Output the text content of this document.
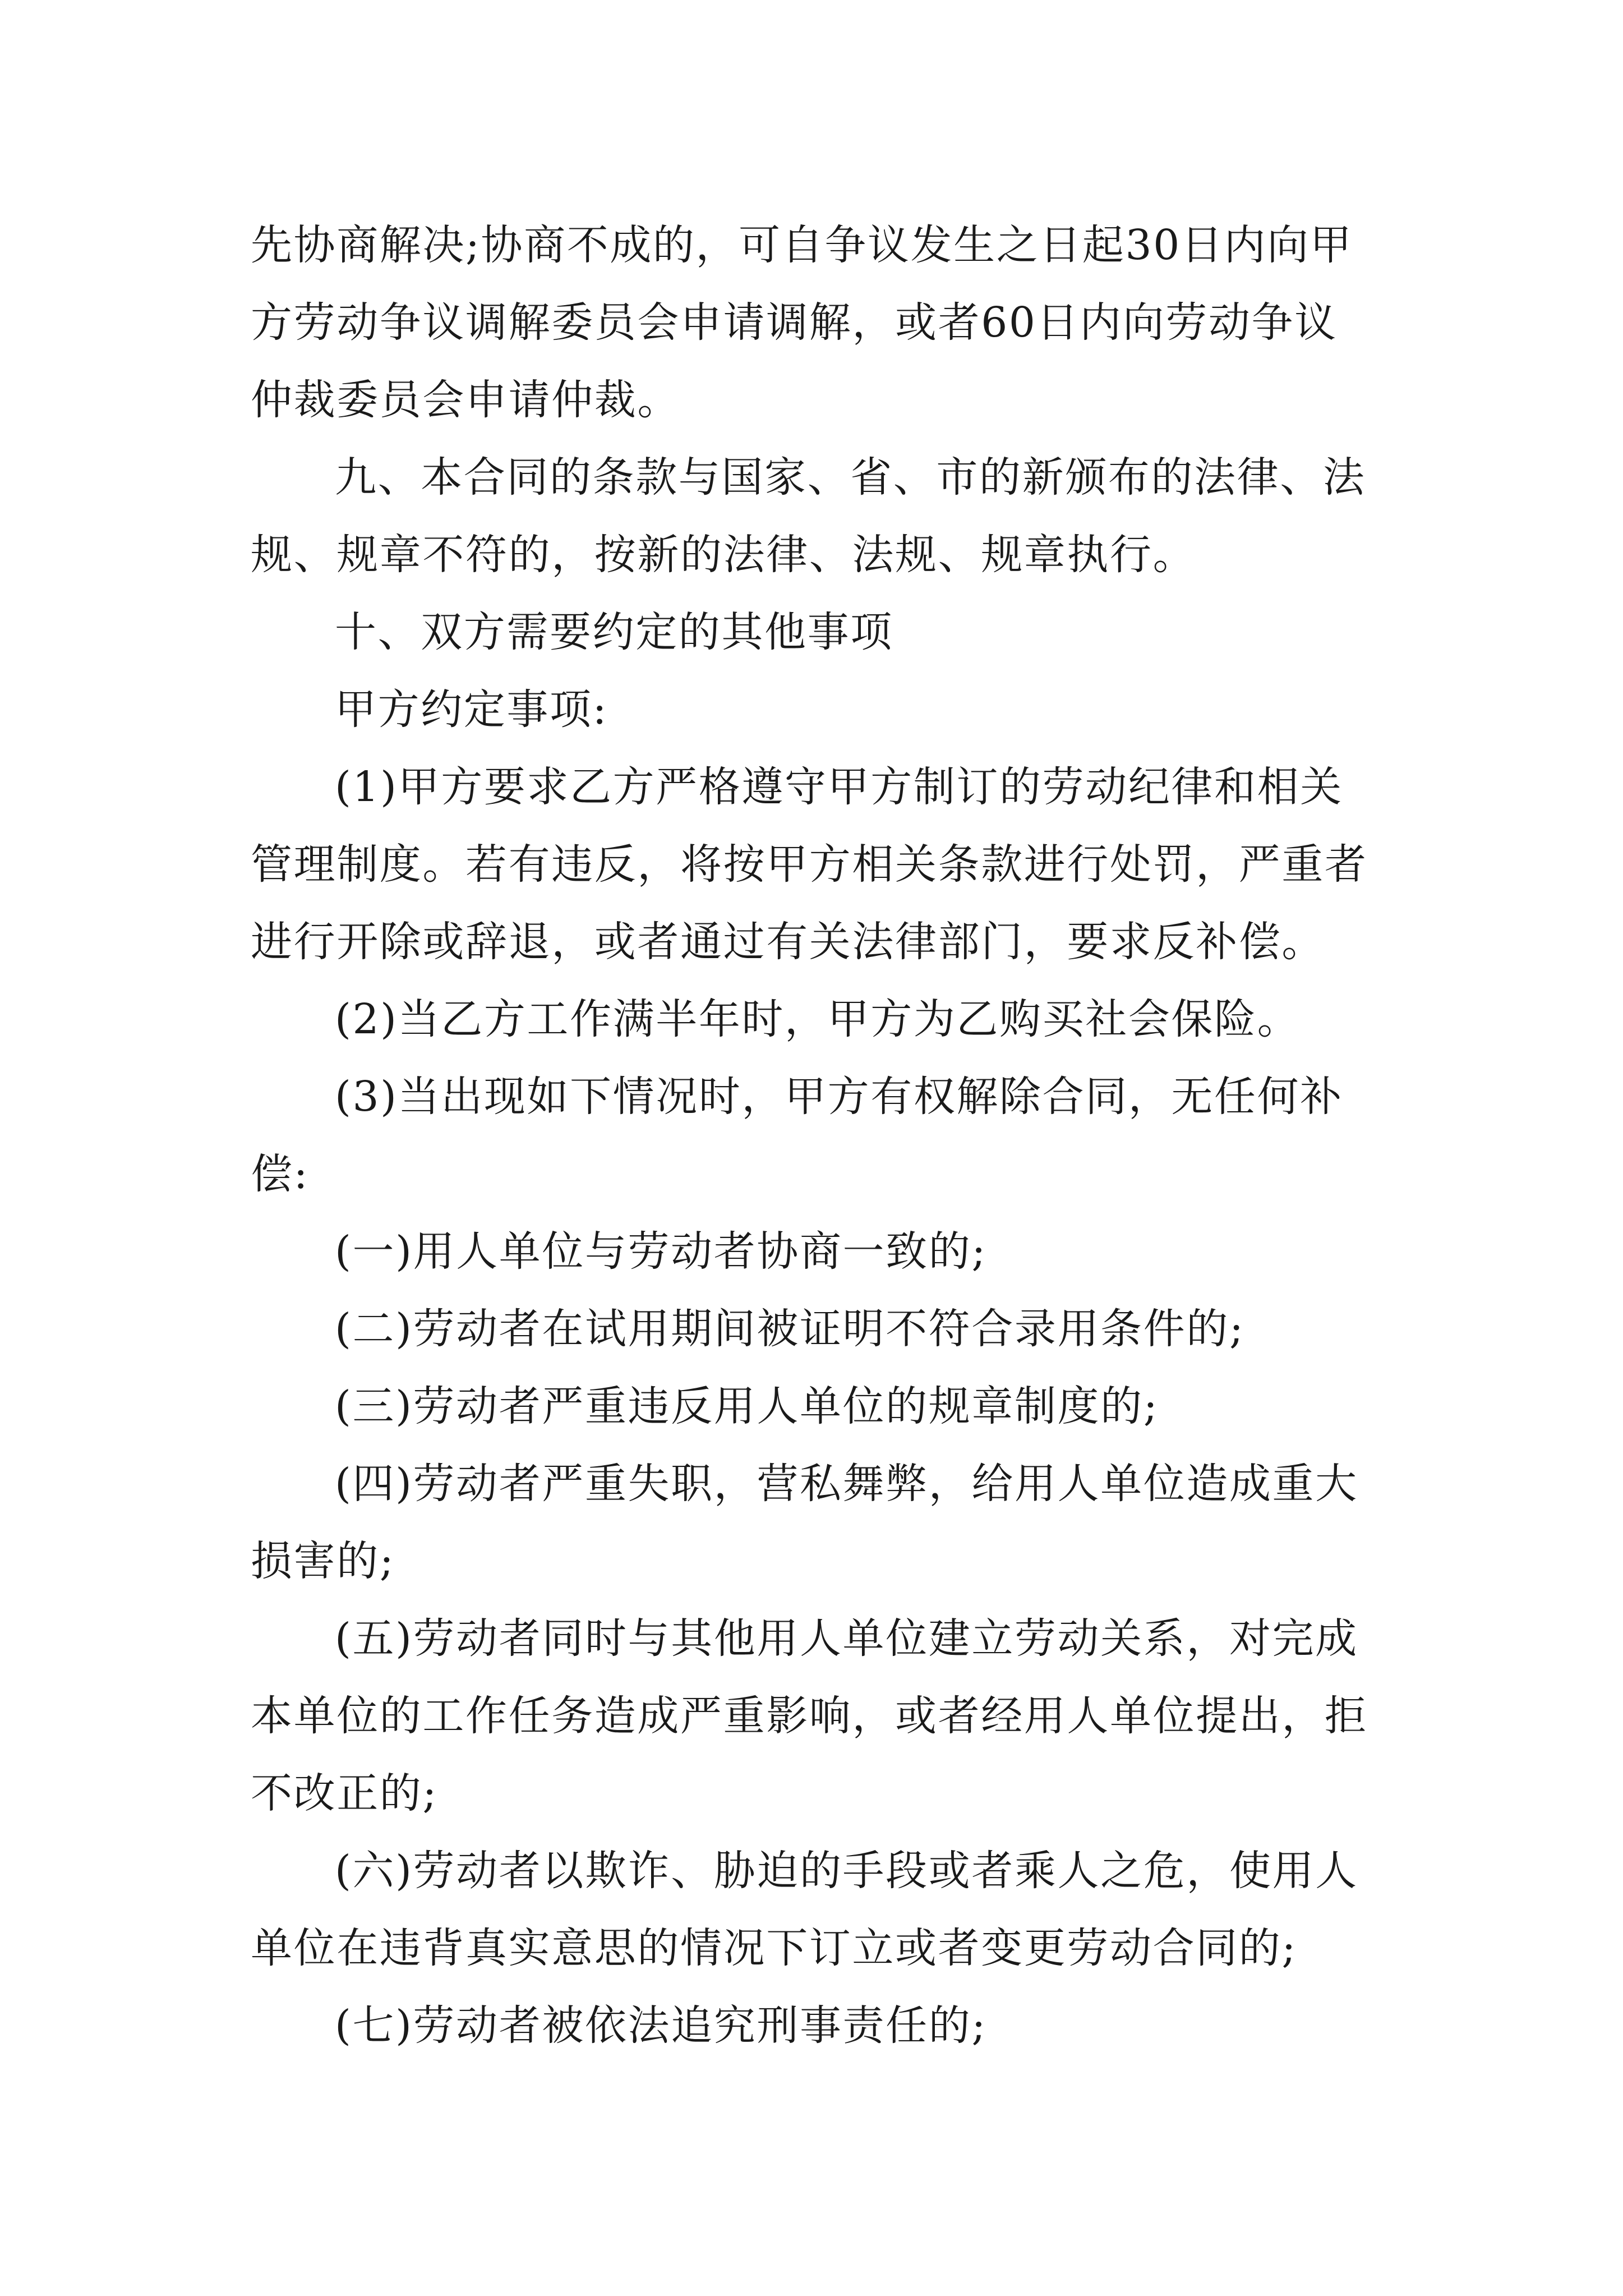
先协商解决;协商不成的，可自争议发生之日起30日内向甲
方劳动争议调解委员会申请调解，或者60日内向劳动争议
仲裁委员会申请仲裁。
九、本合同的条款与国家、省、市的新颁布的法律、法
规、规章不符的，按新的法律、法规、规章执行。
十、双方需要约定的其他事项
甲方约定事项:
(1)甲方要求乙方严格遵守甲方制订的劳动纪律和相关
管理制度。若有违反，将按甲方相关条款进行处罚，严重者
进行开除或辞退，或者通过有关法律部门，要求反补偿。
(2)当乙方工作满半年时，甲方为乙购买社会保险。
(3)当出现如下情况时，甲方有权解除合同，无任何补
偿:
(一)用人单位与劳动者协商一致的;
(二)劳动者在试用期间被证明不符合录用条件的;
(三)劳动者严重违反用人单位的规章制度的;
(四)劳动者严重失职，营私舞弊，给用人单位造成重大
损害的;
(五)劳动者同时与其他用人单位建立劳动关系，对完成
本单位的工作任务造成严重影响，或者经用人单位提出，拒
不改正的;
(六)劳动者以欺诈、胁迫的手段或者乘人之危，使用人
单位在违背真实意思的情况下订立或者变更劳动合同的;
(七)劳动者被依法追究刑事责任的;
